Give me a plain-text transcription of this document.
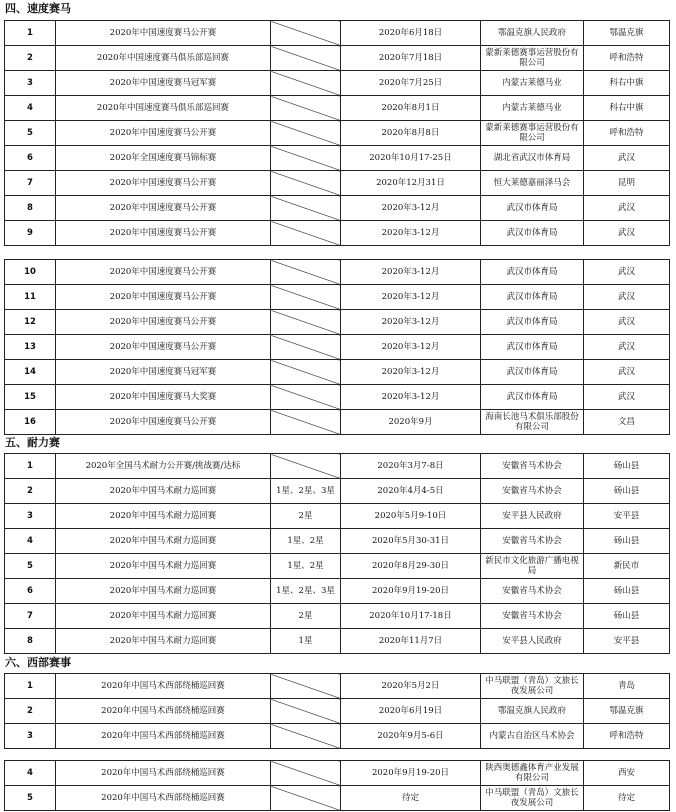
四、速度赛马
1	2020年中国速度赛马公开赛		2020年6月18日	鄂温克旗人民政府	鄂温克旗
2	2020年中国速度赛马俱乐部巡回赛		2020年7月18日	蒙新莱德赛事运营股份有限公司	呼和浩特
3	2020年中国速度赛马冠军赛		2020年7月25日	内蒙古莱德马业	科右中旗
4	2020年中国速度赛马俱乐部巡回赛		2020年8月1日	内蒙古莱德马业	科右中旗
5	2020年中国速度赛马公开赛		2020年8月8日	蒙新莱德赛事运营股份有限公司	呼和浩特
6	2020年全国速度赛马锦标赛		2020年10月17-25日	湖北省武汉市体育局	武汉
7	2020年中国速度赛马公开赛		2020年12月31日	恒大莱德嘉丽泽马会	昆明
8	2020年中国速度赛马公开赛		2020年3-12月	武汉市体育局	武汉
9	2020年中国速度赛马公开赛		2020年3-12月	武汉市体育局	武汉
10	2020年中国速度赛马公开赛		2020年3-12月	武汉市体育局	武汉
11	2020年中国速度赛马公开赛		2020年3-12月	武汉市体育局	武汉
12	2020年中国速度赛马公开赛		2020年3-12月	武汉市体育局	武汉
13	2020年中国速度赛马公开赛		2020年3-12月	武汉市体育局	武汉
14	2020年中国速度赛马冠军赛		2020年3-12月	武汉市体育局	武汉
15	2020年中国速度赛马大奖赛		2020年3-12月	武汉市体育局	武汉
16	2020年中国速度赛马公开赛		2020年9月	海南长池马术俱乐部股份有限公司	文昌
五、耐力赛
1	2020年全国马术耐力公开赛/挑战赛/达标		2020年3月7-8日	安徽省马术协会	砀山县
2	2020年中国马术耐力巡回赛	1星、2星、3星	2020年4月4-5日	安徽省马术协会	砀山县
3	2020年中国马术耐力巡回赛	2星	2020年5月9-10日	安平县人民政府	安平县
4	2020年中国马术耐力巡回赛	1星、2星	2020年5月30-31日	安徽省马术协会	砀山县
5	2020年中国马术耐力巡回赛	1星、2星	2020年8月29-30日	新民市文化旅游广播电视局	新民市
6	2020年中国马术耐力巡回赛	1星、2星、3星	2020年9月19-20日	安徽省马术协会	砀山县
7	2020年中国马术耐力巡回赛	2星	2020年10月17-18日	安徽省马术协会	砀山县
8	2020年中国马术耐力巡回赛	1星	2020年11月7日	安平县人民政府	安平县
六、西部赛事
1	2020年中国马术西部绕桶巡回赛		2020年5月2日	中马联盟（青岛）文旅长夜发展公司	青岛
2	2020年中国马术西部绕桶巡回赛		2020年6月19日	鄂温克旗人民政府	鄂温克旗
3	2020年中国马术西部绕桶巡回赛		2020年9月5-6日	内蒙古自治区马术协会	呼和浩特
4	2020年中国马术西部绕桶巡回赛		2020年9月19-20日	陕西奥德鑫体育产业发展有限公司	西安
5	2020年中国马术西部绕桶巡回赛		待定	中马联盟（青岛）文旅长夜发展公司	待定
